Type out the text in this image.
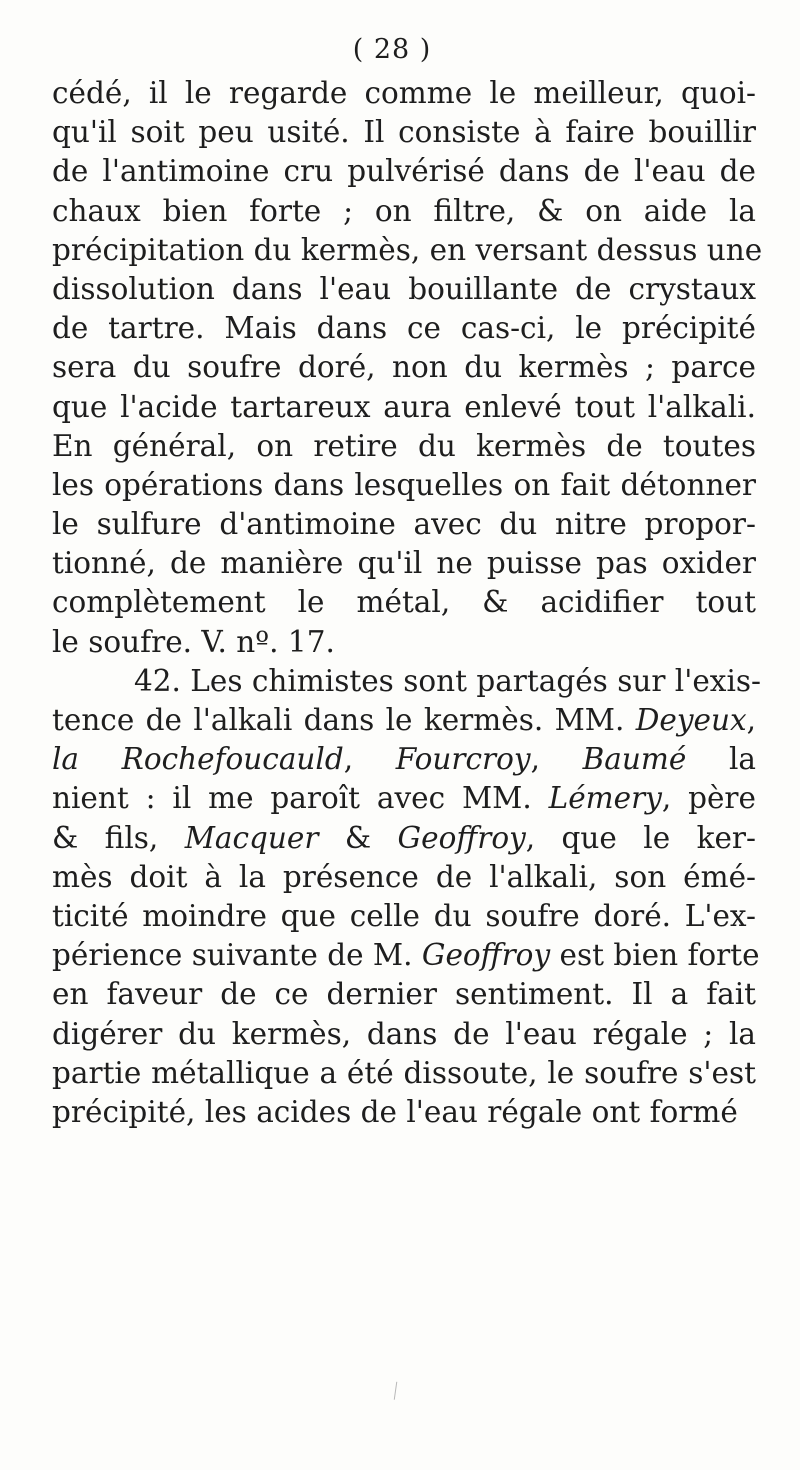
( 28 )
cédé, il le regarde comme le meilleur, quoi-
qu'il soit peu usité. Il consiste à faire bouillir
de l'antimoine cru pulvérisé dans de l'eau de
chaux bien forte ; on filtre, & on aide la
précipitation du kermès, en versant dessus une
dissolution dans l'eau bouillante de crystaux
de tartre. Mais dans ce cas-ci, le précipité
sera du soufre doré, non du kermès ; parce
que l'acide tartareux aura enlevé tout l'alkali.
En général, on retire du kermès de toutes
les opérations dans lesquelles on fait détonner
le sulfure d'antimoine avec du nitre propor-
tionné, de manière qu'il ne puisse pas oxider
complètement le métal, & acidifier tout
le soufre. V. nº. 17.
42. Les chimistes sont partagés sur l'exis-
tence de l'alkali dans le kermès. MM. Deyeux,
la Rochefoucauld, Fourcroy, Baumé la
nient : il me paroît avec MM. Lémery, père
& fils, Macquer & Geoffroy, que le ker-
mès doit à la présence de l'alkali, son émé-
ticité moindre que celle du soufre doré. L'ex-
périence suivante de M. Geoffroy est bien forte
en faveur de ce dernier sentiment. Il a fait
digérer du kermès, dans de l'eau régale ; la
partie métallique a été dissoute, le soufre s'est
précipité, les acides de l'eau régale ont formé
